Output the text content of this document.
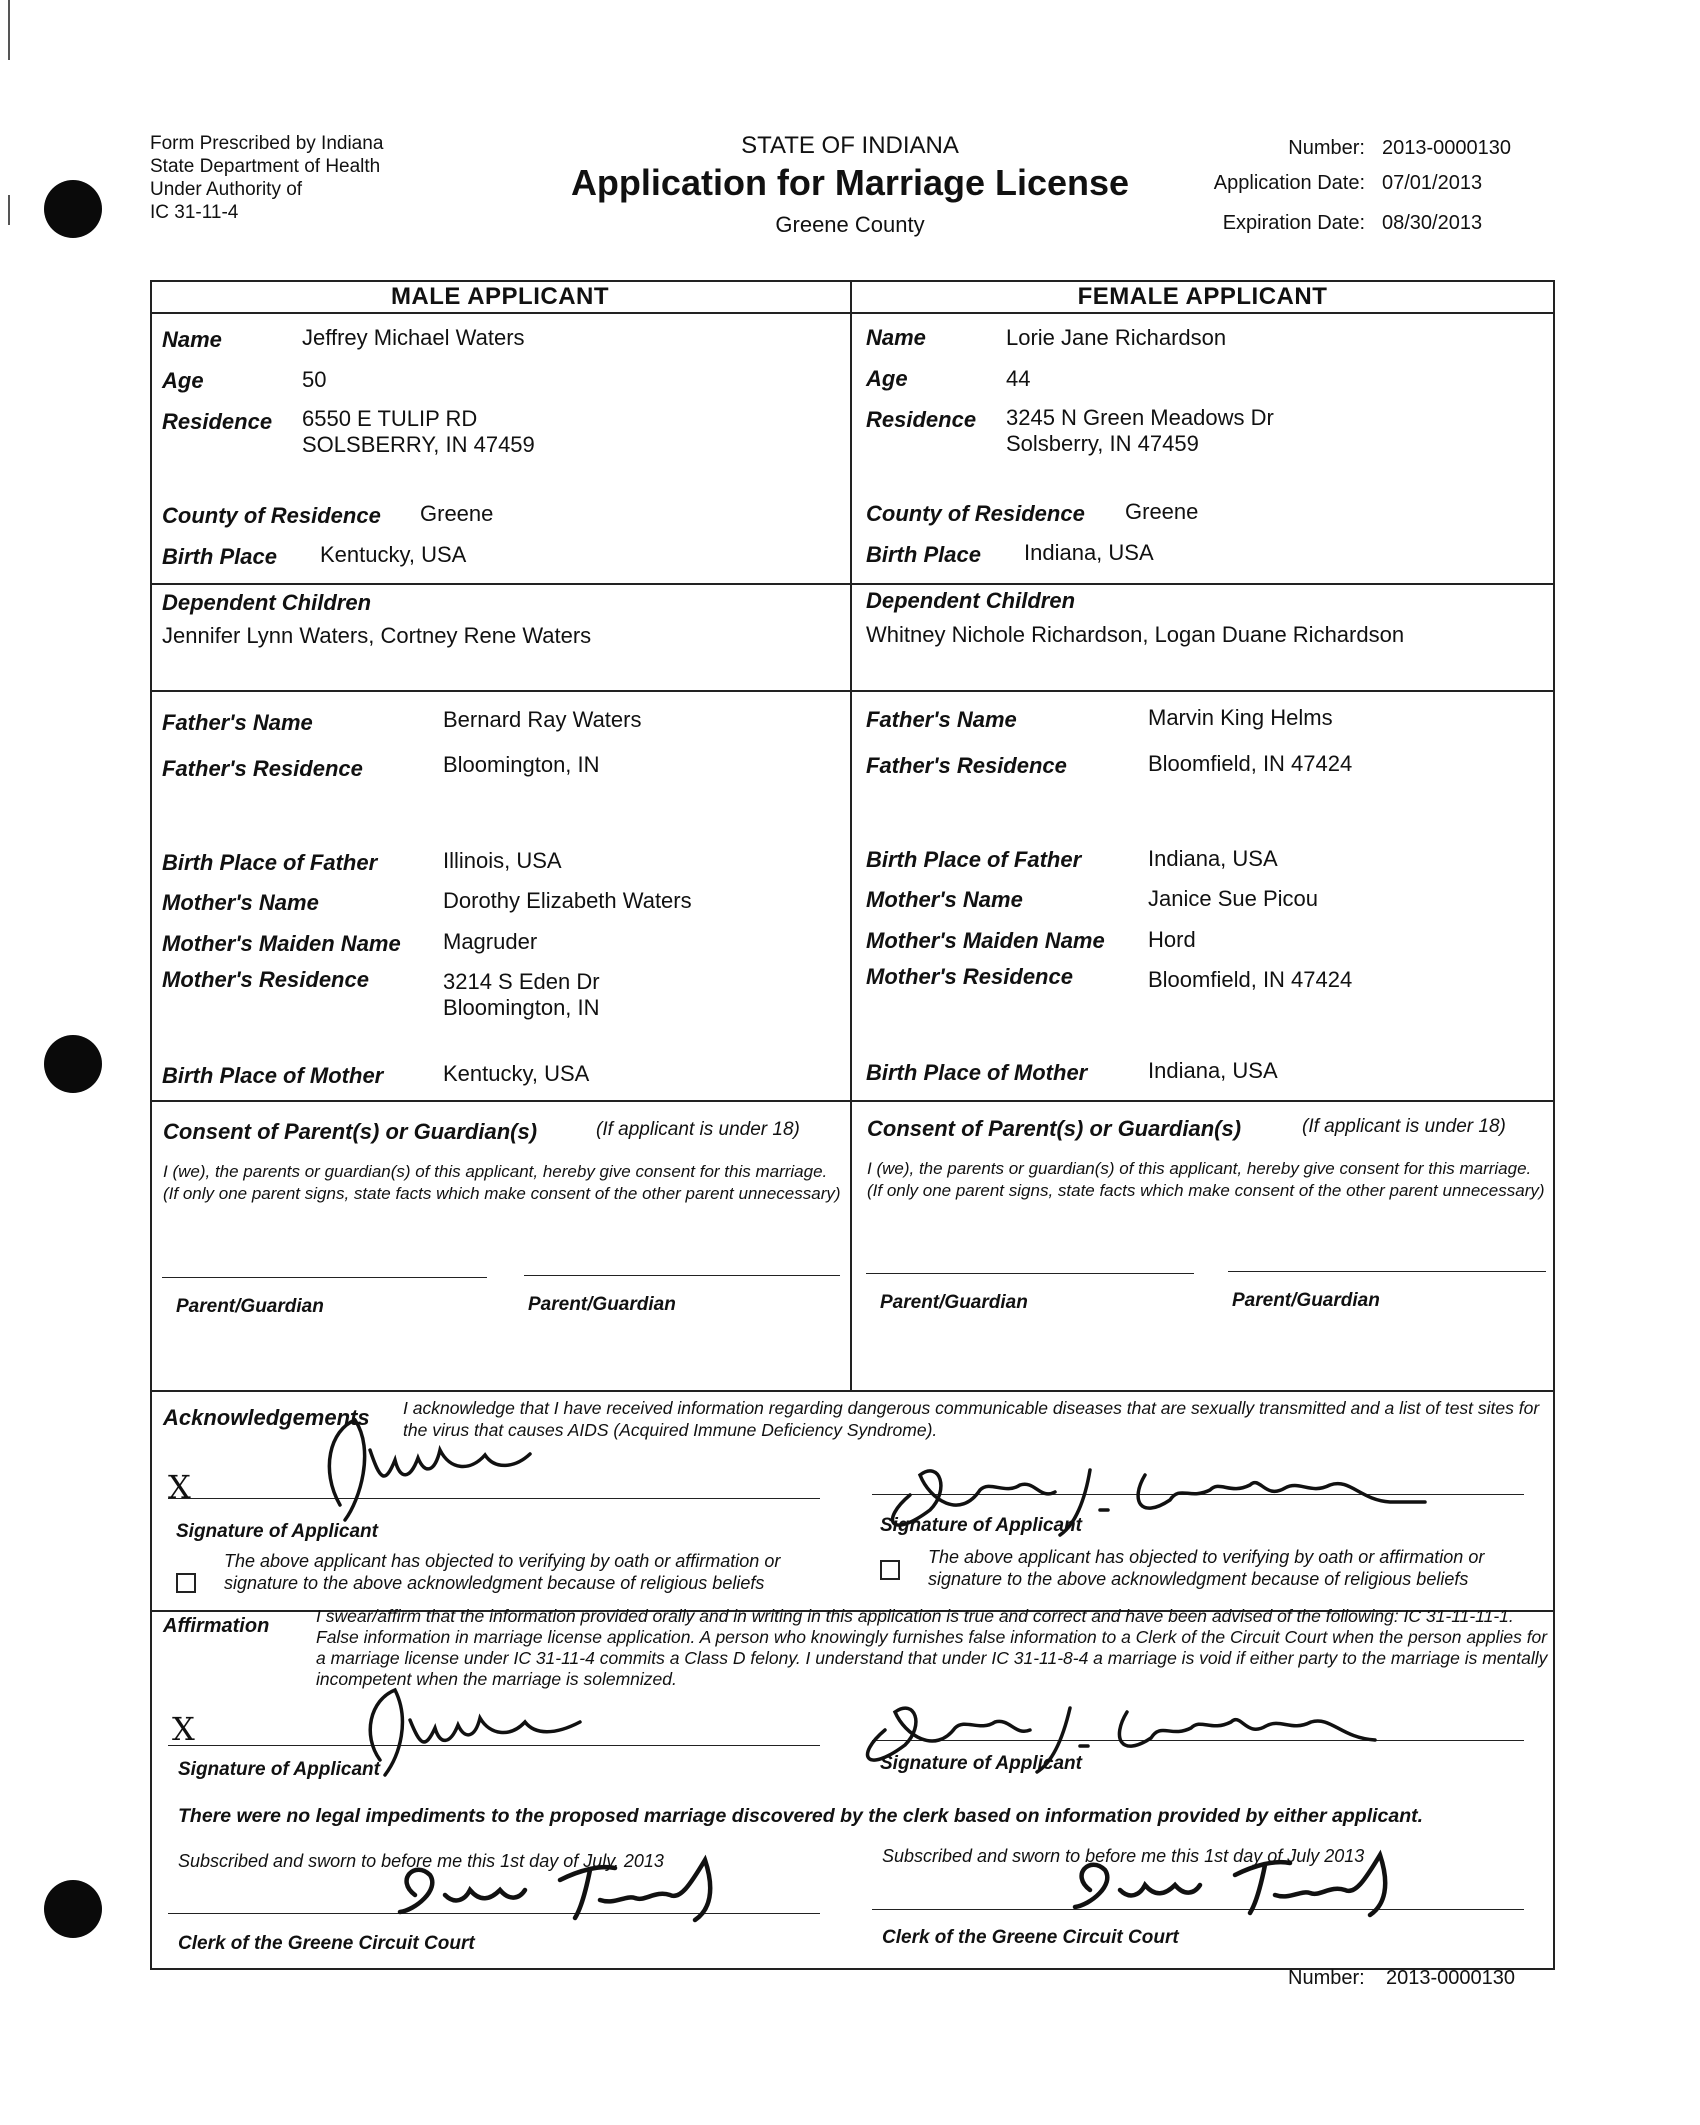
Form Prescribed by Indiana
State Department of Health
Under Authority of
IC 31-11-4
STATE OF INDIANA
Application for Marriage License
Greene County
Number: 2013-0000130
Application Date: 07/01/2013
Expiration Date: 08/30/2013
MALE APPLICANT	FEMALE APPLICANT
Name	Jeffrey Michael Waters
Age	50
Residence 6550 E TULIP RD
SOLSBERRY, IN 47459
County of Residence Greene
Birth Place Kentucky, USA
Dependent Children
Jennifer Lynn Waters, Cortney Rene Waters
Father's Name	Bernard Ray Waters
Father's Residence	Bloomington, IN
Birth Place of Father	Illinois, USA
Mother's Name	Dorothy Elizabeth Waters
Mother's Maiden Name Magruder
Mother's Residence	3214 S Eden Dr
Bloomington, IN
Birth Place of Mother	Kentucky, USA
Name	Lorie Jane Richardson
Age	44
Residence 3245 N Green Meadows Dr
Solsberry, IN 47459
County of Residence Greene
Birth Place Indiana, USA
Dependent Children
Whitney Nichole Richardson, Logan Duane Richardson
Father's Name	Marvin King Helms
Father's Residence	Bloomfield, IN 47424
Birth Place of Father	Indiana, USA
Mother's Name	Janice Sue Picou
Mother's Maiden Name Hord
Mother's Residence	Bloomfield, IN 47424
Birth Place of Mother	Indiana, USA
Consent of Parent(s) or Guardian(s)	(If applicant is under 18)
I (we), the parents or guardian(s) of this applicant, hereby give consent for this marriage. (If only one parent signs, state facts which make consent of the other parent unnecessary)
Parent/Guardian	Parent/Guardian
Consent of Parent(s) or Guardian(s)	(If applicant is under 18)
I (we), the parents or guardian(s) of this applicant, hereby give consent for this marriage. (If only one parent signs, state facts which make consent of the other parent unnecessary)
Parent/Guardian	Parent/Guardian
Acknowledgements I acknowledge that I have received information regarding dangerous communicable diseases that are sexually transmitted and a list of test sites for the virus that causes AIDS (Acquired Immune Deficiency Syndrome).
X
Signature of Applicant
The above applicant has objected to verifying by oath or affirmation or signature to the above acknowledgment because of religious beliefs
Signature of Applicant
The above applicant has objected to verifying by oath or affirmation or signature to the above acknowledgment because of religious beliefs
Affirmation	I swear/affirm that the information provided orally and in writing in this application is true and correct and have been advised of the following: IC 31-11-11-1. False information in marriage license application. A person who knowingly furnishes false information to a Clerk of the Circuit Court when the person applies for a marriage license under IC 31-11-4 commits a Class D felony. I understand that under IC 31-11-8-4 a marriage is void if either party to the marriage is mentally incompetent when the marriage is solemnized.
X
Signature of Applicant	Signature of Applicant
There were no legal impediments to the proposed marriage discovered by the clerk based on information provided by either applicant.
Subscribed and sworn to before me this 1st day of July, 2013
Clerk of the Greene Circuit Court
Subscribed and sworn to before me this 1st day of July 2013
Clerk of the Greene Circuit Court
Number: 2013-0000130
